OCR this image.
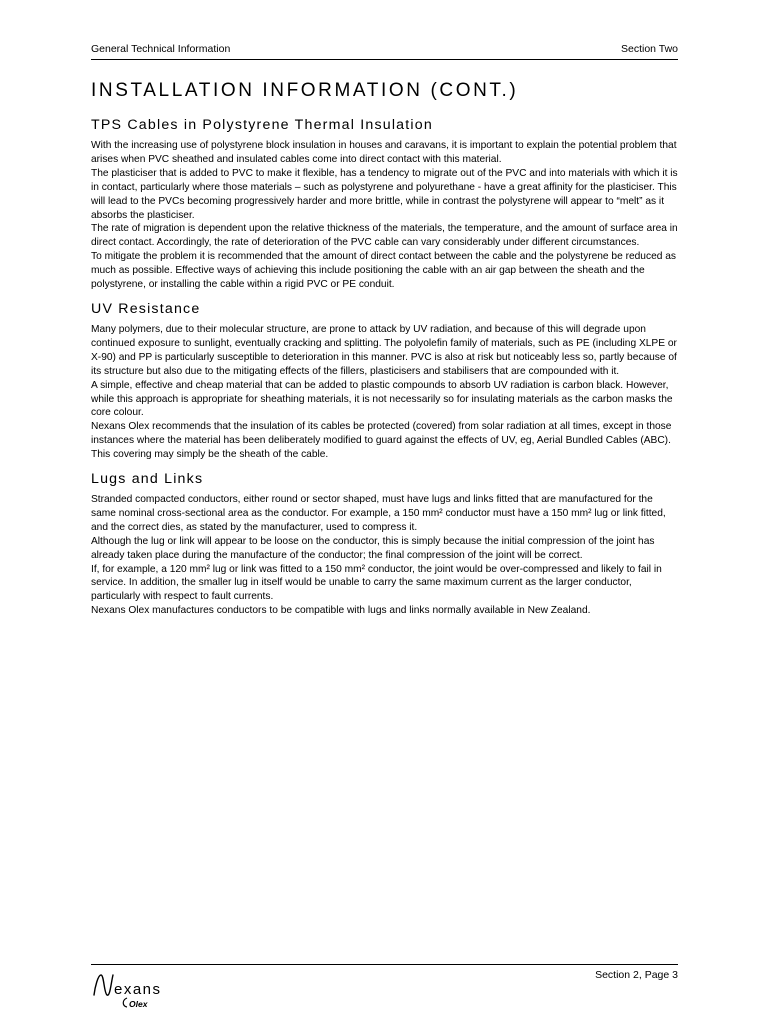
General Technical Information	Section Two
INSTALLATION INFORMATION (CONT.)
TPS Cables in Polystyrene Thermal Insulation

With the increasing use of polystyrene block insulation in houses and caravans, it is important to explain the potential problem that arises when PVC sheathed and insulated cables come into direct contact with this material.

The plasticiser that is added to PVC to make it flexible, has a tendency to migrate out of the PVC and into materials with which it is in contact, particularly where those materials – such as polystyrene and polyurethane - have a great affinity for the plasticiser. This will lead to the PVCs becoming progressively harder and more brittle, while in contrast the polystyrene will appear to “melt” as it absorbs the plasticiser.

The rate of migration is dependent upon the relative thickness of the materials, the temperature, and the amount of surface area in direct contact. Accordingly, the rate of deterioration of the PVC cable can vary considerably under different circumstances.

To mitigate the problem it is recommended that the amount of direct contact between the cable and the polystyrene be reduced as much as possible. Effective ways of achieving this include positioning the cable with an air gap between the sheath and the polystyrene, or installing the cable within a rigid PVC or PE conduit.

UV Resistance

Many polymers, due to their molecular structure, are prone to attack by UV radiation, and because of this will degrade upon continued exposure to sunlight, eventually cracking and splitting. The polyolefin family of materials, such as PE (including XLPE or X-90) and PP is particularly susceptible to deterioration in this manner. PVC is also at risk but noticeably less so, partly because of its structure but also due to the mitigating effects of the fillers, plasticisers and stabilisers that are compounded with it.

A simple, effective and cheap material that can be added to plastic compounds to absorb UV radiation is carbon black. However, while this approach is appropriate for sheathing materials, it is not necessarily so for insulating materials as the carbon masks the core colour.

Nexans Olex recommends that the insulation of its cables be protected (covered) from solar radiation at all times, except in those instances where the material has been deliberately modified to guard against the effects of UV, eg, Aerial Bundled Cables (ABC). This covering may simply be the sheath of the cable.

Lugs and Links

Stranded compacted conductors, either round or sector shaped, must have lugs and links fitted that are manufactured for the same nominal cross-sectional area as the conductor. For example, a 150 mm² conductor must have a 150 mm² lug or link fitted, and the correct dies, as stated by the manufacturer, used to compress it.

Although the lug or link will appear to be loose on the conductor, this is simply because the initial compression of the joint has already taken place during the manufacture of the conductor; the final compression of the joint will be correct.

If, for example, a 120 mm² lug or link was fitted to a 150 mm² conductor, the joint would be over-compressed and likely to fail in service. In addition, the smaller lug in itself would be unable to carry the same maximum current as the larger conductor, particularly with respect to fault currents.

Nexans Olex manufactures conductors to be compatible with lugs and links normally available in New Zealand.

exans
Olex
Section 2, Page 3
